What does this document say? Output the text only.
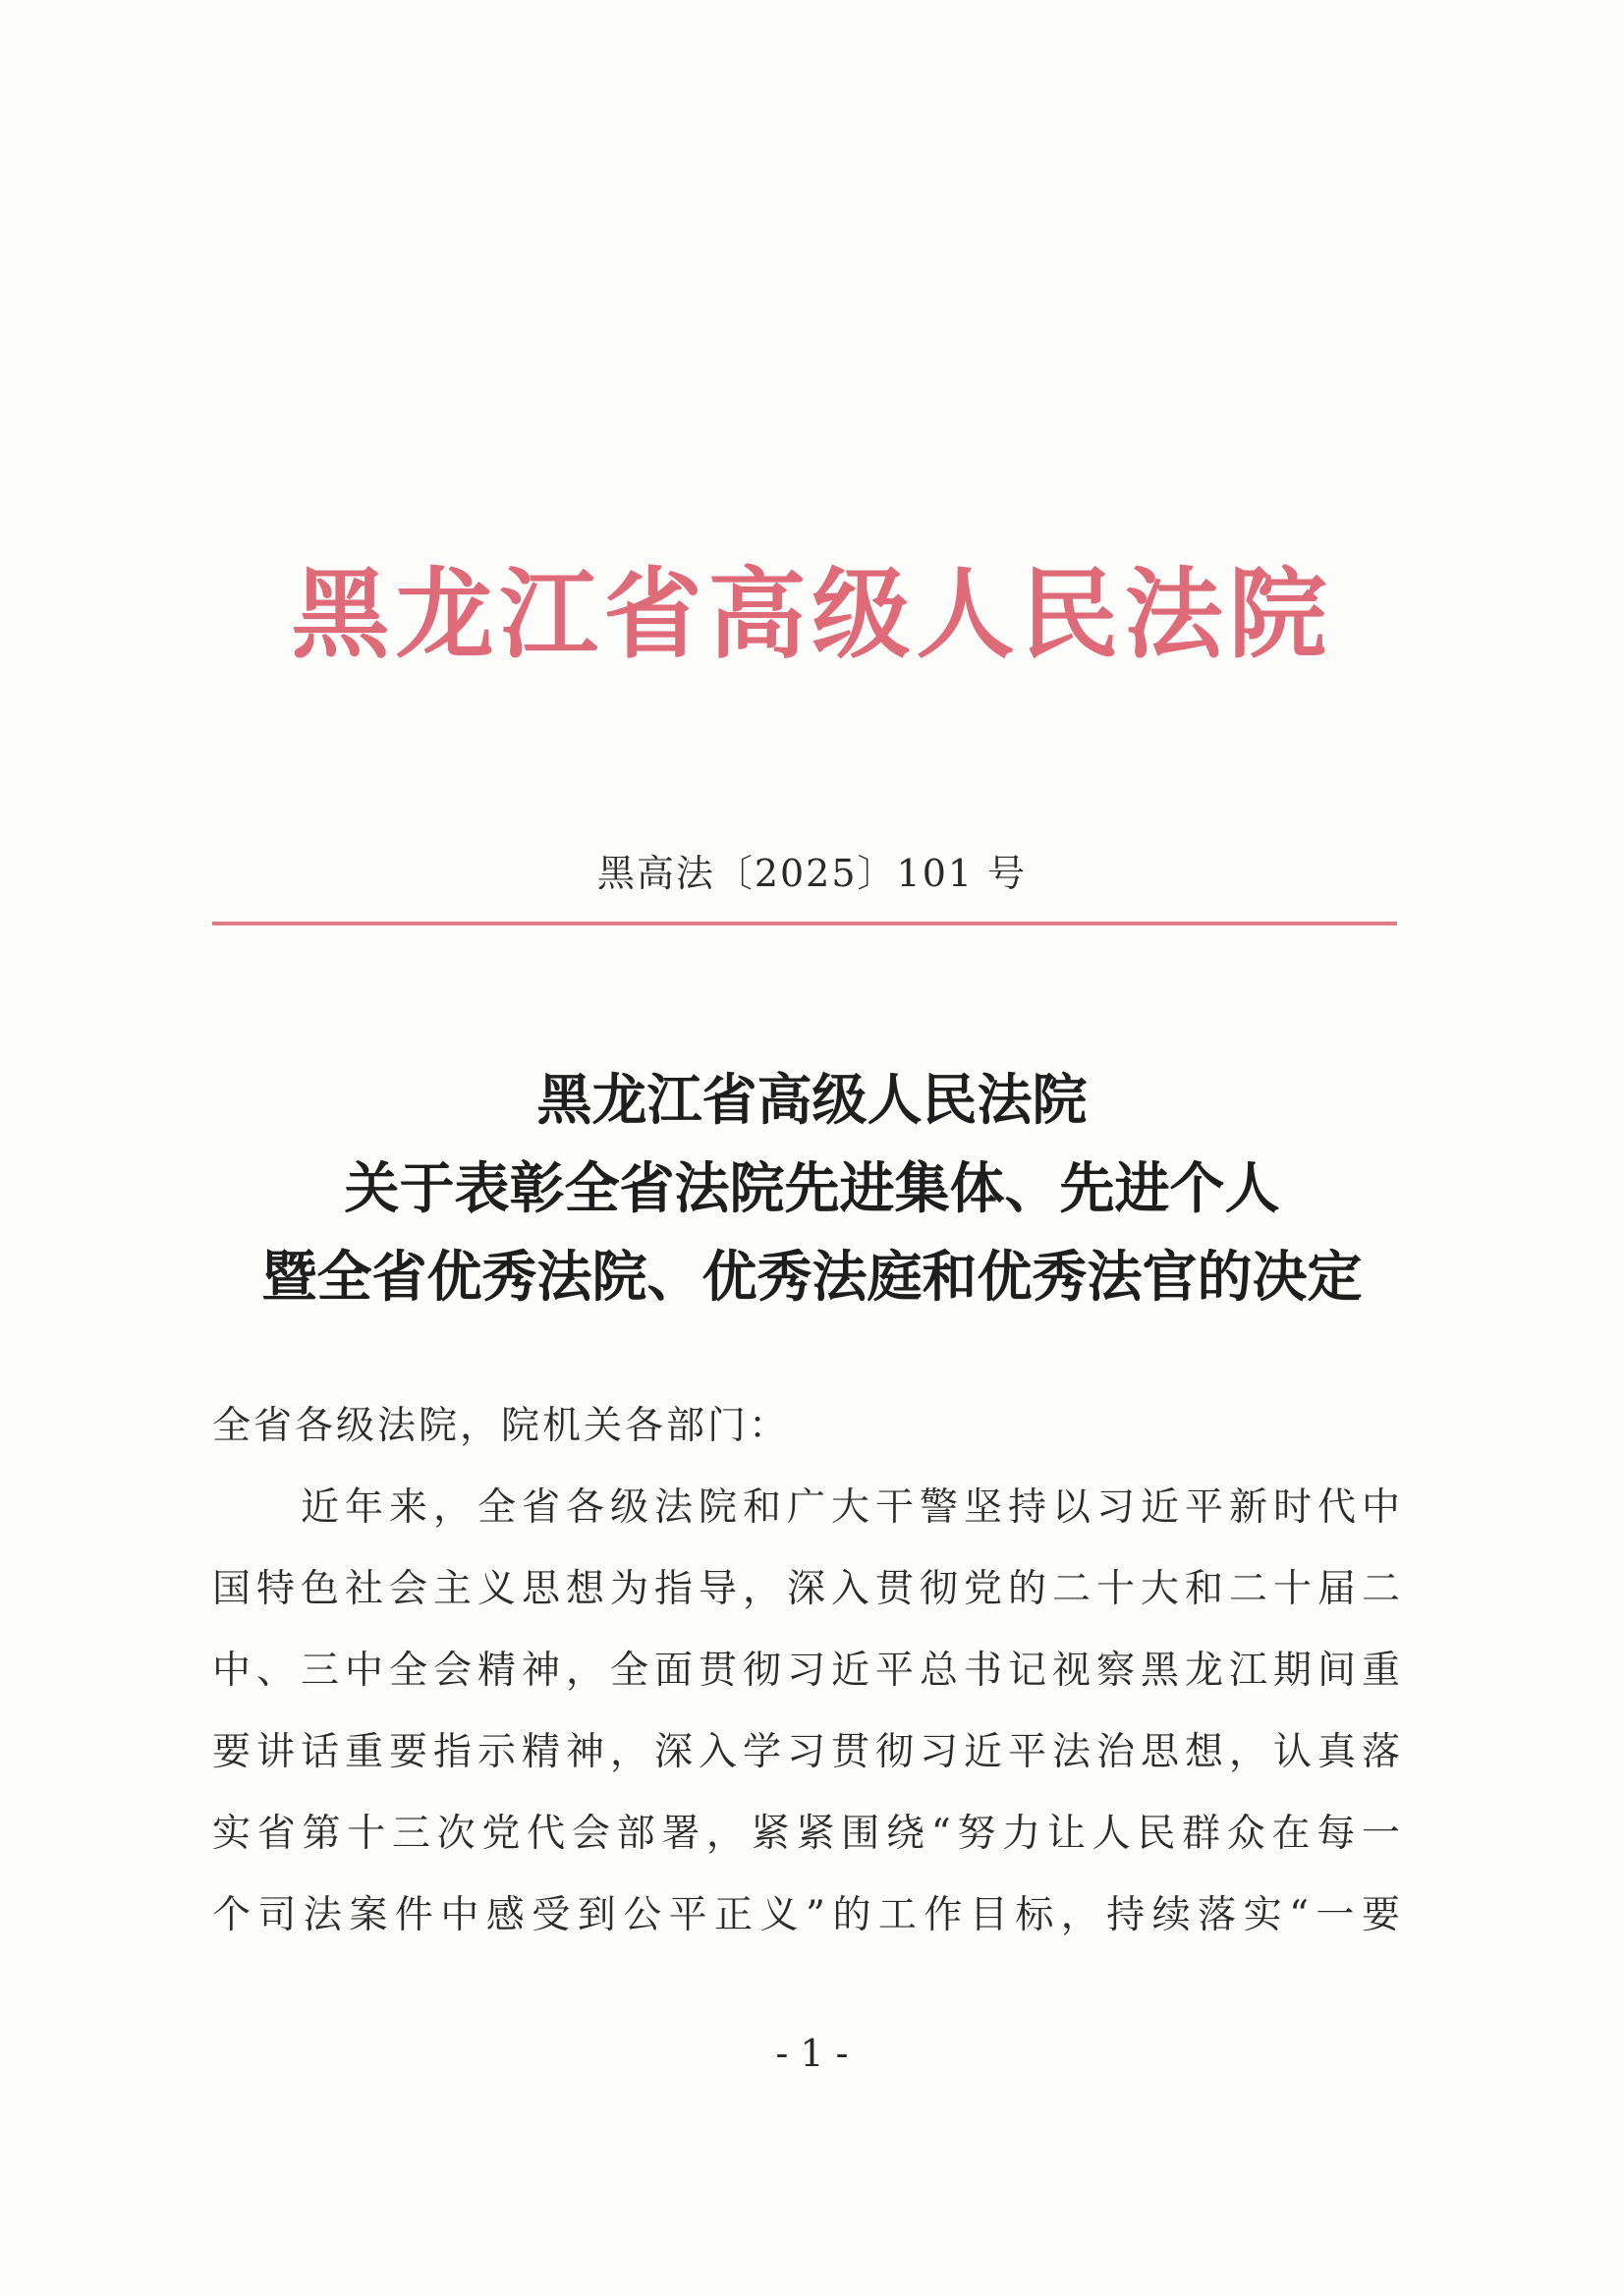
黑龙江省高级人民法院
黑高法〔2025〕101 号
黑龙江省高级人民法院
关于表彰全省法院先进集体、先进个人
暨全省优秀法院、优秀法庭和优秀法官的决定
全省各级法院，院机关各部门：
近年来，全省各级法院和广大干警坚持以习近平新时代中
国特色社会主义思想为指导，深入贯彻党的二十大和二十届二
中、三中全会精神，全面贯彻习近平总书记视察黑龙江期间重
要讲话重要指示精神，深入学习贯彻习近平法治思想，认真落
实省第十三次党代会部署，紧紧围绕“努力让人民群众在每一
个司法案件中感受到公平正义”的工作目标，持续落实“一要
- 1 -
